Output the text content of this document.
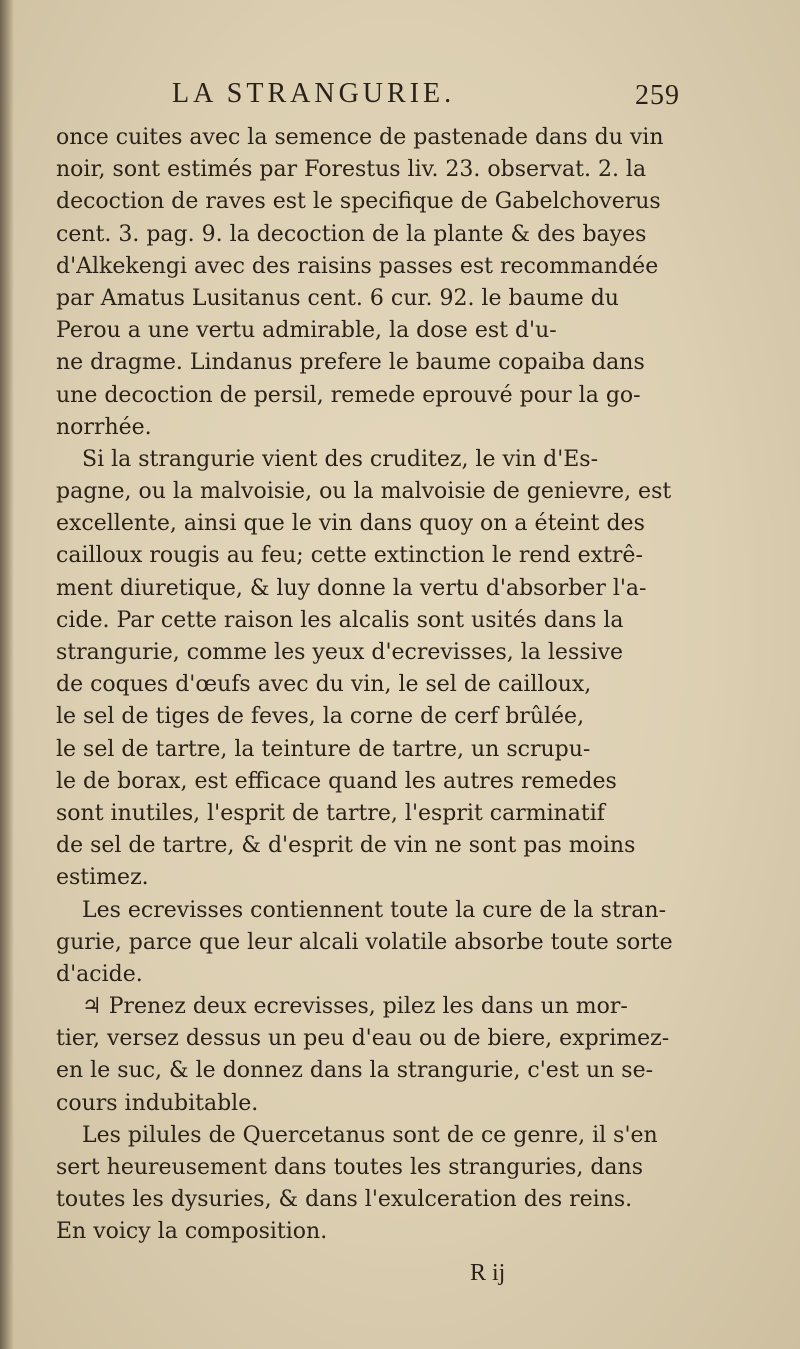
LA STRANGURIE.	259
once cuites avec la semence de pastenade dans du vin
noir, sont estimés par Forestus liv. 23. observat. 2. la
decoction de raves est le specifique de Gabelchoverus
cent. 3. pag. 9. la decoction de la plante & des bayes
d'Alkekengi avec des raisins passes est recommandée
par Amatus Lusitanus cent. 6 cur. 92. le baume du
Perou a une vertu admirable, la dose est d'u-
ne dragme. Lindanus prefere le baume copaiba dans
une decoction de persil, remede eprouvé pour la go-
norrhée.
Si la strangurie vient des cruditez, le vin d'Es-
pagne, ou la malvoisie, ou la malvoisie de genievre, est
excellente, ainsi que le vin dans quoy on a éteint des
cailloux rougis au feu; cette extinction le rend extrê-
ment diuretique, & luy donne la vertu d'absorber l'a-
cide. Par cette raison les alcalis sont usités dans la
strangurie, comme les yeux d'ecrevisses, la lessive
de coques d'œufs avec du vin, le sel de cailloux,
le sel de tiges de feves, la corne de cerf brûlée,
le sel de tartre, la teinture de tartre, un scrupu-
le de borax, est efficace quand les autres remedes
sont inutiles, l'esprit de tartre, l'esprit carminatif
de sel de tartre, & d'esprit de vin ne sont pas moins
estimez.
Les ecrevisses contiennent toute la cure de la stran-
gurie, parce que leur alcali volatile absorbe toute sorte
d'acide.
♃ Prenez deux ecrevisses, pilez les dans un mor-
tier, versez dessus un peu d'eau ou de biere, exprimez-
en le suc, & le donnez dans la strangurie, c'est un se-
cours indubitable.
Les pilules de Quercetanus sont de ce genre, il s'en
sert heureusement dans toutes les stranguries, dans
toutes les dysuries, & dans l'exulceration des reins.
En voicy la composition.
R ij
